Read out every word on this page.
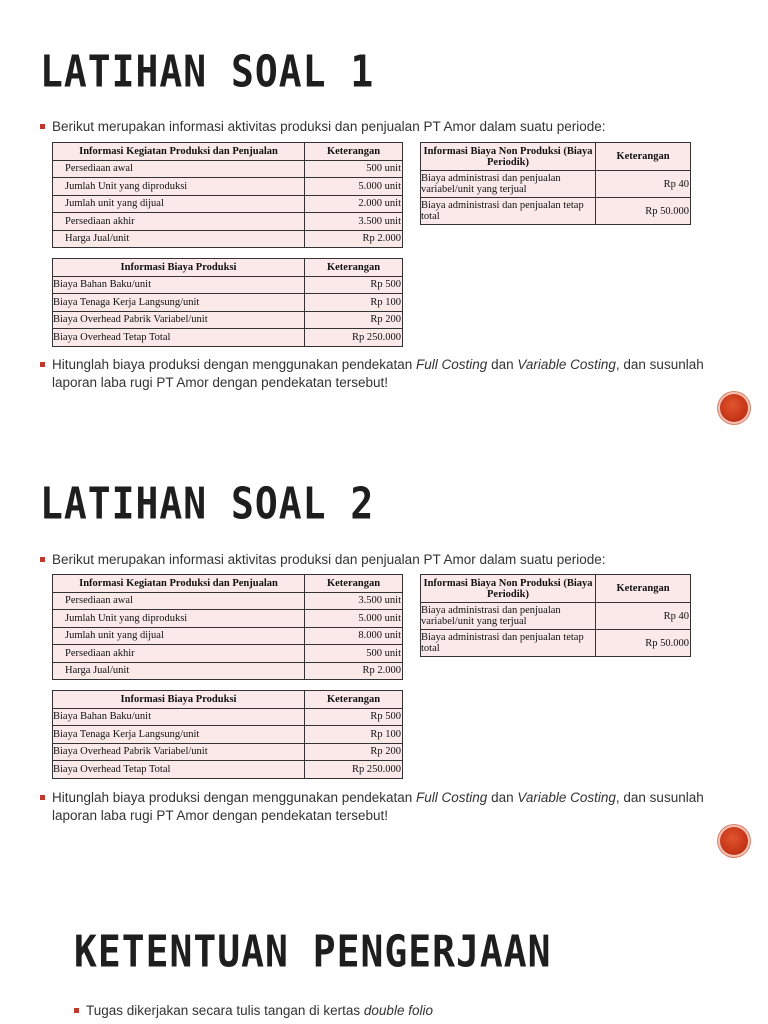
LATIHAN SOAL 1
Berikut merupakan informasi aktivitas produksi dan penjualan PT Amor dalam suatu periode:
Informasi Kegiatan Produksi dan Penjualan	Keterangan
Persediaan awal	500 unit
Jumlah Unit yang diproduksi	5.000 unit
Jumlah unit yang dijual	2.000 unit
Persediaan akhir	3.500 unit
Harga Jual/unit	Rp 2.000
Informasi Biaya Produksi	Keterangan
Biaya Bahan Baku/unit	Rp 500
Biaya Tenaga Kerja Langsung/unit	Rp 100
Biaya Overhead Pabrik Variabel/unit	Rp 200
Biaya Overhead Tetap Total	Rp 250.000
Informasi Biaya Non Produksi (Biaya Periodik)	Keterangan
Biaya administrasi dan penjualan variabel/unit yang terjual	Rp 40
Biaya administrasi dan penjualan tetap total	Rp 50.000
Hitunglah biaya produksi dengan menggunakan pendekatan Full Costing dan Variable Costing, dan susunlah laporan laba rugi PT Amor dengan pendekatan tersebut!
LATIHAN SOAL 2
Berikut merupakan informasi aktivitas produksi dan penjualan PT Amor dalam suatu periode:
Informasi Kegiatan Produksi dan Penjualan	Keterangan
Persediaan awal	3.500 unit
Jumlah Unit yang diproduksi	5.000 unit
Jumlah unit yang dijual	8.000 unit
Persediaan akhir	500 unit
Harga Jual/unit	Rp 2.000
Informasi Biaya Produksi	Keterangan
Biaya Bahan Baku/unit	Rp 500
Biaya Tenaga Kerja Langsung/unit	Rp 100
Biaya Overhead Pabrik Variabel/unit	Rp 200
Biaya Overhead Tetap Total	Rp 250.000
Informasi Biaya Non Produksi (Biaya Periodik)	Keterangan
Biaya administrasi dan penjualan variabel/unit yang terjual	Rp 40
Biaya administrasi dan penjualan tetap total	Rp 50.000
Hitunglah biaya produksi dengan menggunakan pendekatan Full Costing dan Variable Costing, dan susunlah laporan laba rugi PT Amor dengan pendekatan tersebut!
KETENTUAN PENGERJAAN
Tugas dikerjakan secara tulis tangan di kertas double folio
